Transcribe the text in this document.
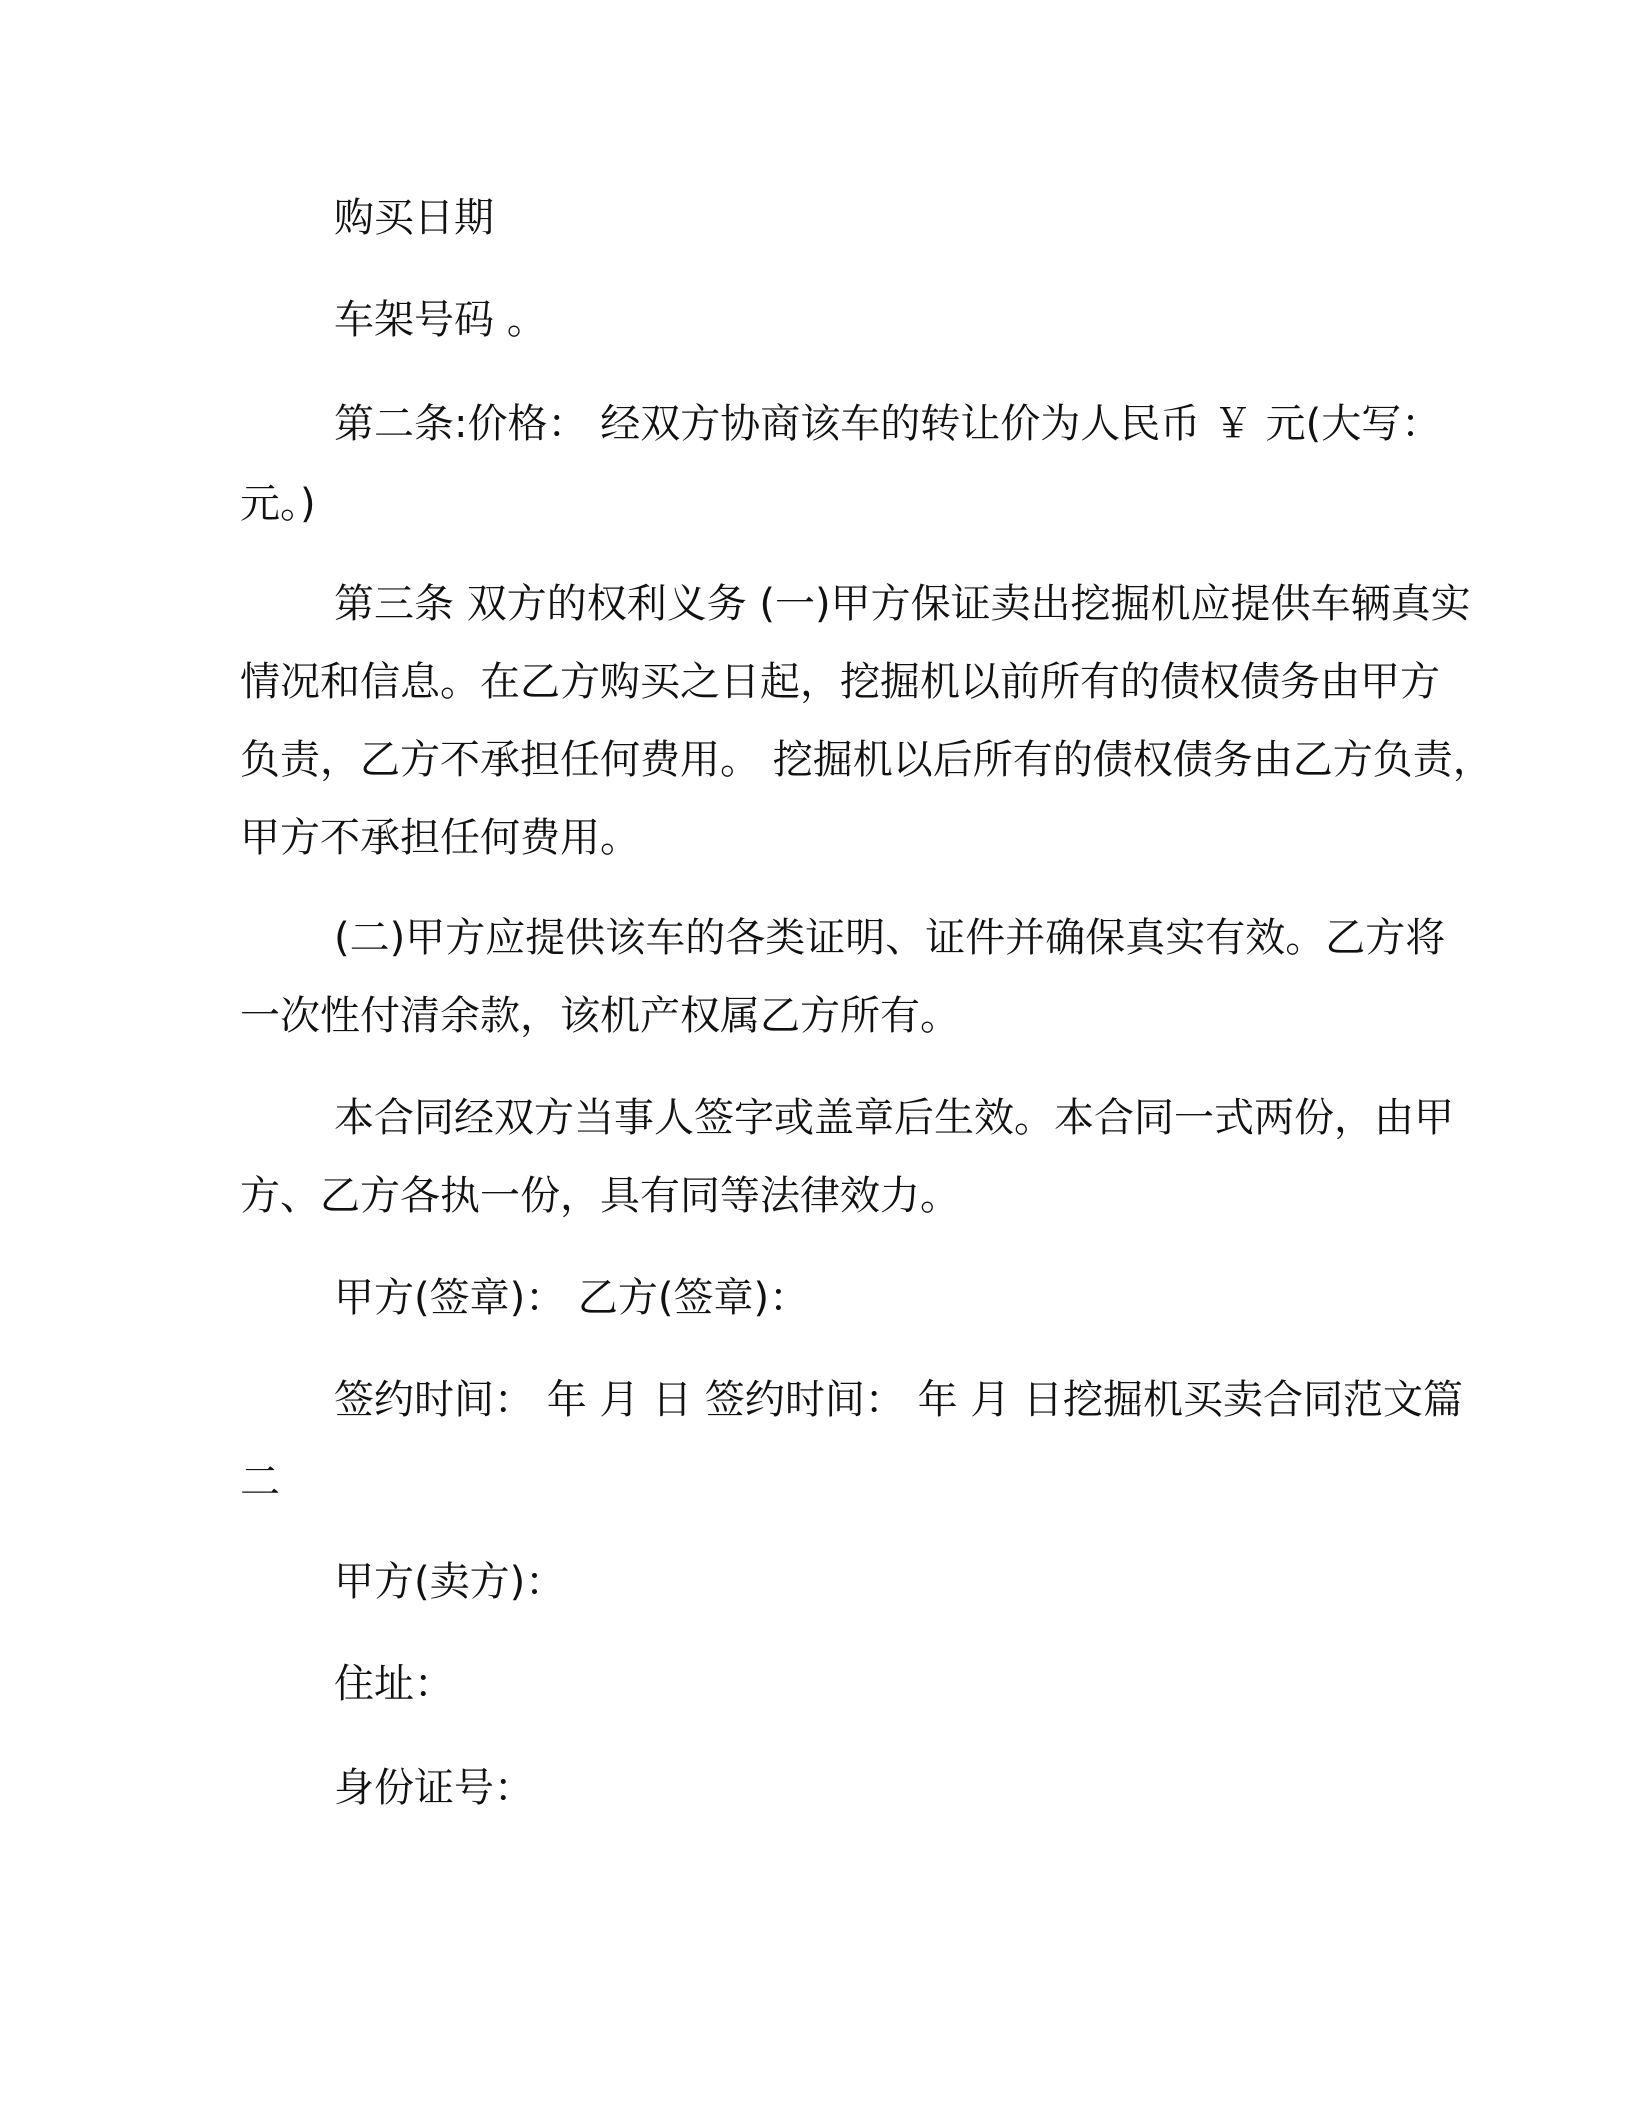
购买日期
车架号码 。
第二条:价格： 经双方协商该车的转让价为人民币 ￥ 元(大写：
元。)
第三条 双方的权利义务 (一)甲方保证卖出挖掘机应提供车辆真实
情况和信息。在乙方购买之日起，挖掘机以前所有的债权债务由甲方
负责，乙方不承担任何费用。 挖掘机以后所有的债权债务由乙方负责，
甲方不承担任何费用。
(二)甲方应提供该车的各类证明、证件并确保真实有效。乙方将
一次性付清余款，该机产权属乙方所有。
本合同经双方当事人签字或盖章后生效。本合同一式两份，由甲
方、乙方各执一份，具有同等法律效力。
甲方(签章)： 乙方(签章)：
签约时间： 年 月 日 签约时间： 年 月 日挖掘机买卖合同范文篇
二
甲方(卖方)：
住址：
身份证号：
